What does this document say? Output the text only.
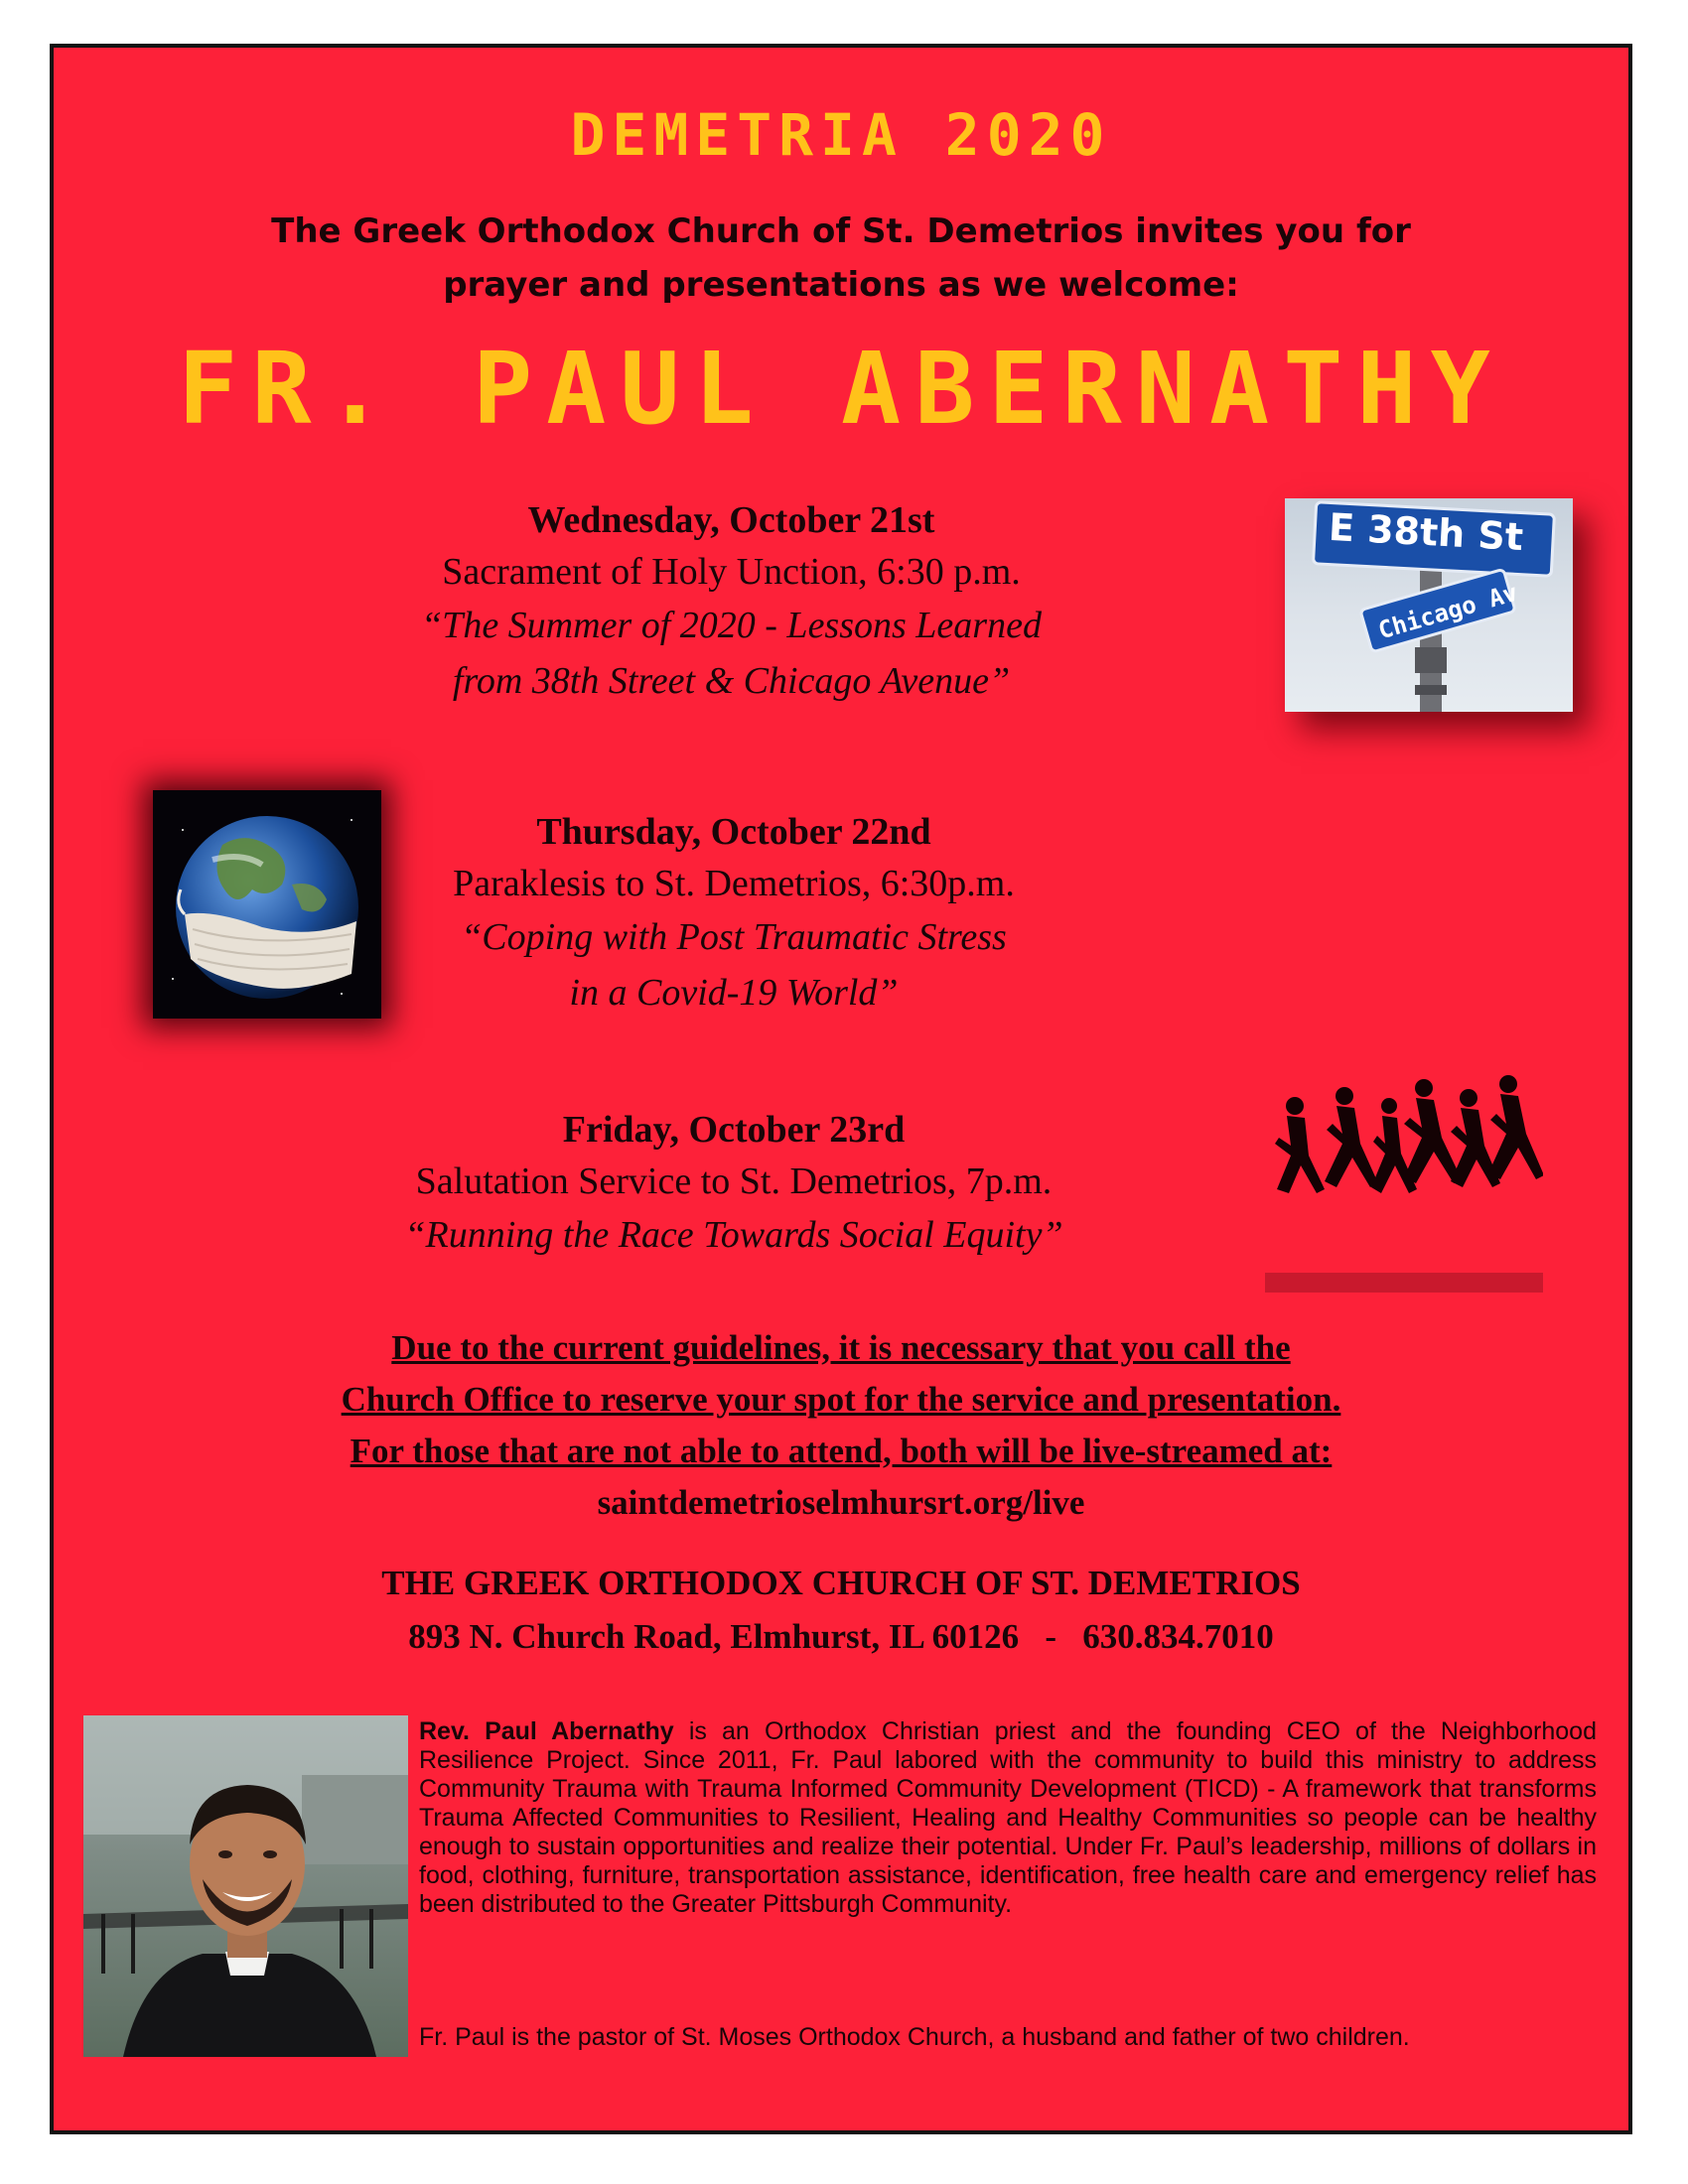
DEMETRIA 2020
The Greek Orthodox Church of St. Demetrios invites you for
prayer and presentations as we welcome:
FR. PAUL ABERNATHY
Wednesday, October 21st
Sacrament of Holy Unction, 6:30 p.m.
“The Summer of 2020 - Lessons Learned
from 38th Street & Chicago Avenue”
E 38th St
Chicago Av
Thursday, October 22nd
Paraklesis to St. Demetrios, 6:30p.m.
“Coping with Post Traumatic Stress
in a Covid-19 World”
Friday, October 23rd
Salutation Service to St. Demetrios, 7p.m.
“Running the Race Towards Social Equity”
Due to the current guidelines, it is necessary that you call the
Church Office to reserve your spot for the service and presentation.
For those that are not able to attend, both will be live-streamed at:
saintdemetrioselmhursrt.org/live
THE GREEK ORTHODOX CHURCH OF ST. DEMETRIOS
893 N. Church Road, Elmhurst, IL 60126   -   630.834.7010
Rev. Paul Abernathy is an Orthodox Christian priest and the founding CEO of the Neighborhood Resilience Project. Since 2011, Fr. Paul labored with the community to build this ministry to address Community Trauma with Trauma Informed Community Development (TICD) - A framework that transforms Trauma Affected Communities to Resilient, Healing and Healthy Communities so people can be healthy enough to sustain opportunities and realize their potential. Under Fr. Paul’s leadership, millions of dollars in food, clothing, furniture, transportation assistance, identification, free health care and emergency relief has been distributed to the Greater Pittsburgh Community.
Fr. Paul is the pastor of St. Moses Orthodox Church, a husband and father of two children.
